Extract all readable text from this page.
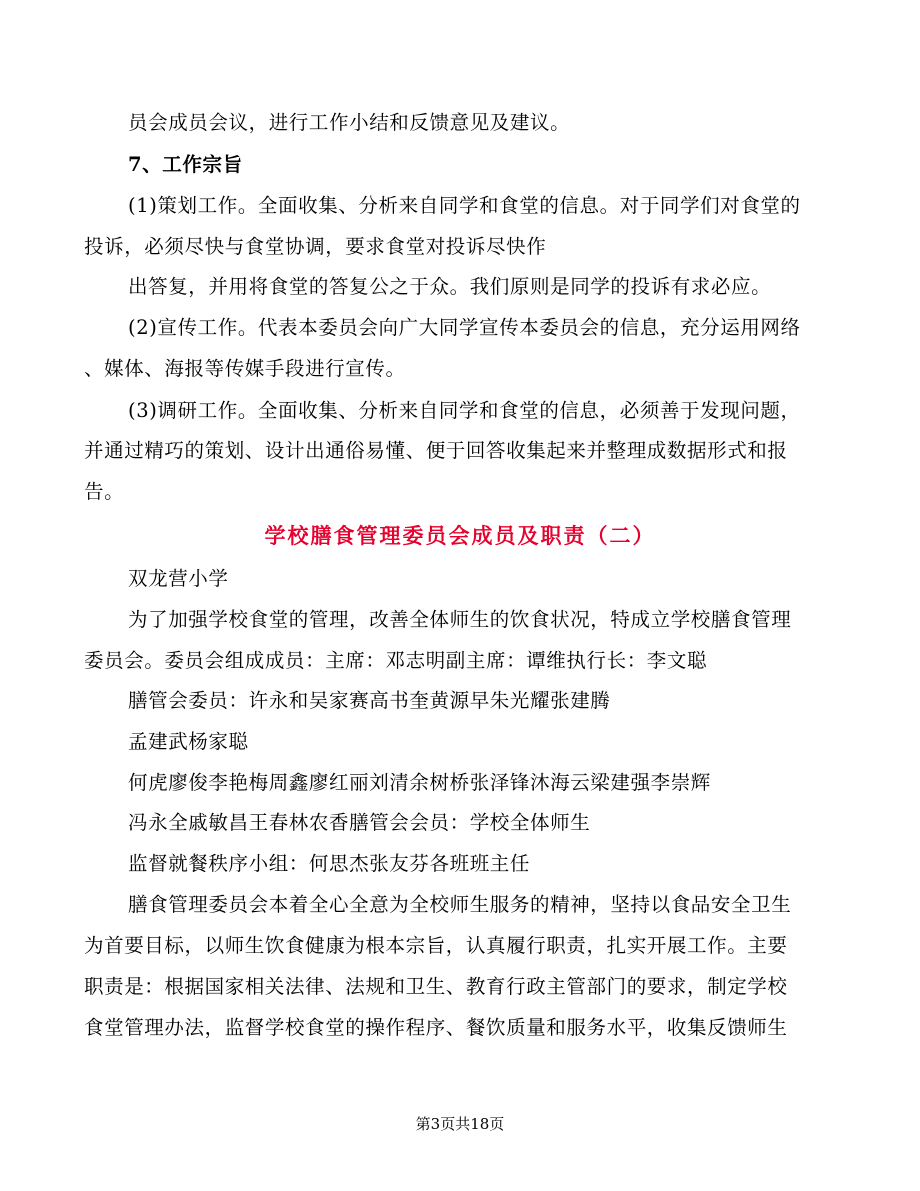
员会成员会议，进行工作小结和反馈意见及建议。
7、工作宗旨
(1)策划工作。全面收集、分析来自同学和食堂的信息。对于同学们对食堂的
投诉，必须尽快与食堂协调，要求食堂对投诉尽快作
出答复，并用将食堂的答复公之于众。我们原则是同学的投诉有求必应。
(2)宣传工作。代表本委员会向广大同学宣传本委员会的信息，充分运用网络
、媒体、海报等传媒手段进行宣传。
(3)调研工作。全面收集、分析来自同学和食堂的信息，必须善于发现问题，
并通过精巧的策划、设计出通俗易懂、便于回答收集起来并整理成数据形式和报
告。
学校膳食管理委员会成员及职责（二）
双龙营小学
为了加强学校食堂的管理，改善全体师生的饮食状况，特成立学校膳食管理
委员会。委员会组成成员：主席：邓志明副主席：谭维执行长：李文聪
膳管会委员：许永和吴家赛高书奎黄源早朱光耀张建腾
孟建武杨家聪
何虎廖俊李艳梅周鑫廖红丽刘清余树桥张泽锋沐海云梁建强李崇辉
冯永全戚敏昌王春林农香膳管会会员：学校全体师生
监督就餐秩序小组：何思杰张友芬各班班主任
膳食管理委员会本着全心全意为全校师生服务的精神，坚持以食品安全卫生
为首要目标，以师生饮食健康为根本宗旨，认真履行职责，扎实开展工作。主要
职责是：根据国家相关法律、法规和卫生、教育行政主管部门的要求，制定学校
食堂管理办法，监督学校食堂的操作程序、餐饮质量和服务水平，收集反馈师生
第3页共18页
